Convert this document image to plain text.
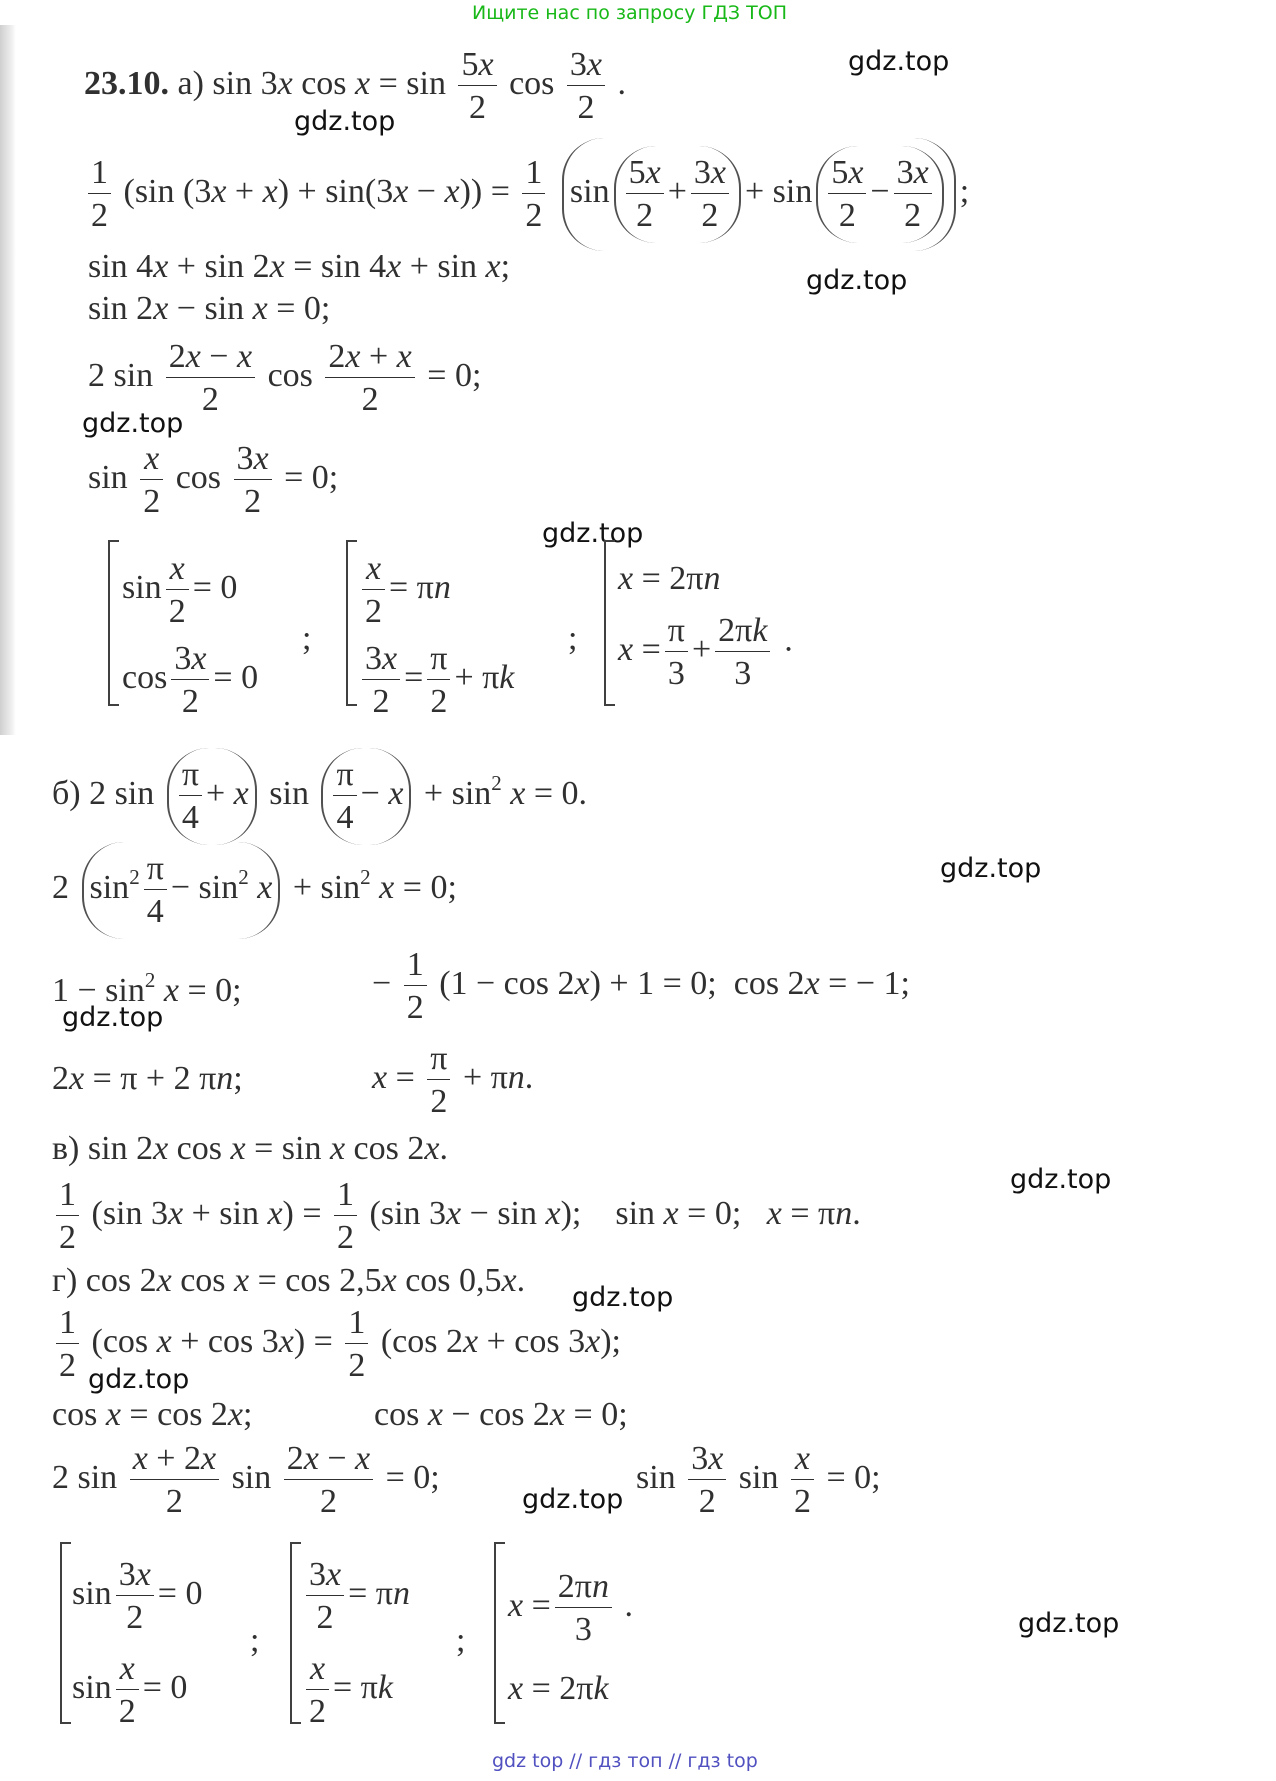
Ищите нас по запросу ГДЗ ТОП
gdz.top
gdz.top
gdz.top
gdz.top
gdz.top
gdz.top
gdz.top
gdz.top
gdz.top
gdz.top
gdz.top
gdz.top
23.10. а) sin 3x $\cos x = \sin \frac{5x}{2}$ $\cos \frac{3x}{2}$ .
$\frac{1}{2} (\sin$ $(3x + x) + \sin(3x - x)) = \frac{1}{2}$ $\sin \frac{5x}{2} + \frac{3x}{2} + \sin \frac{5x}{2} - \frac{3x}{2}$ ;
sin 4x + sin 2x = sin 4x + sin x;
sin 2x − sin x = 0;
2 $\sin \frac{2x - x}{2}$ $\cos \frac{2x + x}{2} = 0$;
$\sin \frac{x}{2}$ $\cos \frac{3x}{2} = 0$;
$\sin \frac{x}{2} = 0$
$\cos \frac{3x}{2} = 0$
;
$\frac{x}{2} = \pi n$
$\frac{3x}{2} = \frac{\pi}{2} + \pi k$
;
x = 2πn
$x = \frac{\pi}{3} + \frac{2\pi k}{3}$ ·
б) 2 $\sin \frac{\pi}{4} + x$ $\sin \frac{\pi}{4} - x + \sin^2 x = 0$.
2 $\sin^2 \frac{\pi}{4} - \sin^2 x + \sin^2 x = 0$;
$1 - \sin^2 x = 0$;	− $\frac{1}{2} (1 - \cos 2x) + 1 = 0$;  cos 2x = − 1;
2x = π + 2 πn;	$x = \frac{\pi}{2} + \pi n$.
в) sin 2x cos x = sin x cos 2x.
$\frac{1}{2} (\sin$ $3x + \sin x) = \frac{1}{2} (\sin$ 3x − sin x);    sin x = 0;   x = πn.
г) cos 2x cos x = cos 2,5x cos 0,5x.
$\frac{1}{2} (\cos$ $x + \cos 3x) = \frac{1}{2} (\cos$ 2x + cos 3x);
cos x = cos 2x;	cos x − cos 2x = 0;
2 $\sin \frac{x + 2x}{2}$ $\sin \frac{2x - x}{2} = 0$;	$\sin \frac{3x}{2}$ $\sin \frac{x}{2} = 0$;
$\sin \frac{3x}{2} = 0$
$\sin \frac{x}{2} = 0$
;
$\frac{3x}{2} = \pi n$
$\frac{x}{2} = \pi k$
;
$x = \frac{2\pi n}{3}$ .
x = 2πk
gdz top // гдз топ // гдз top
